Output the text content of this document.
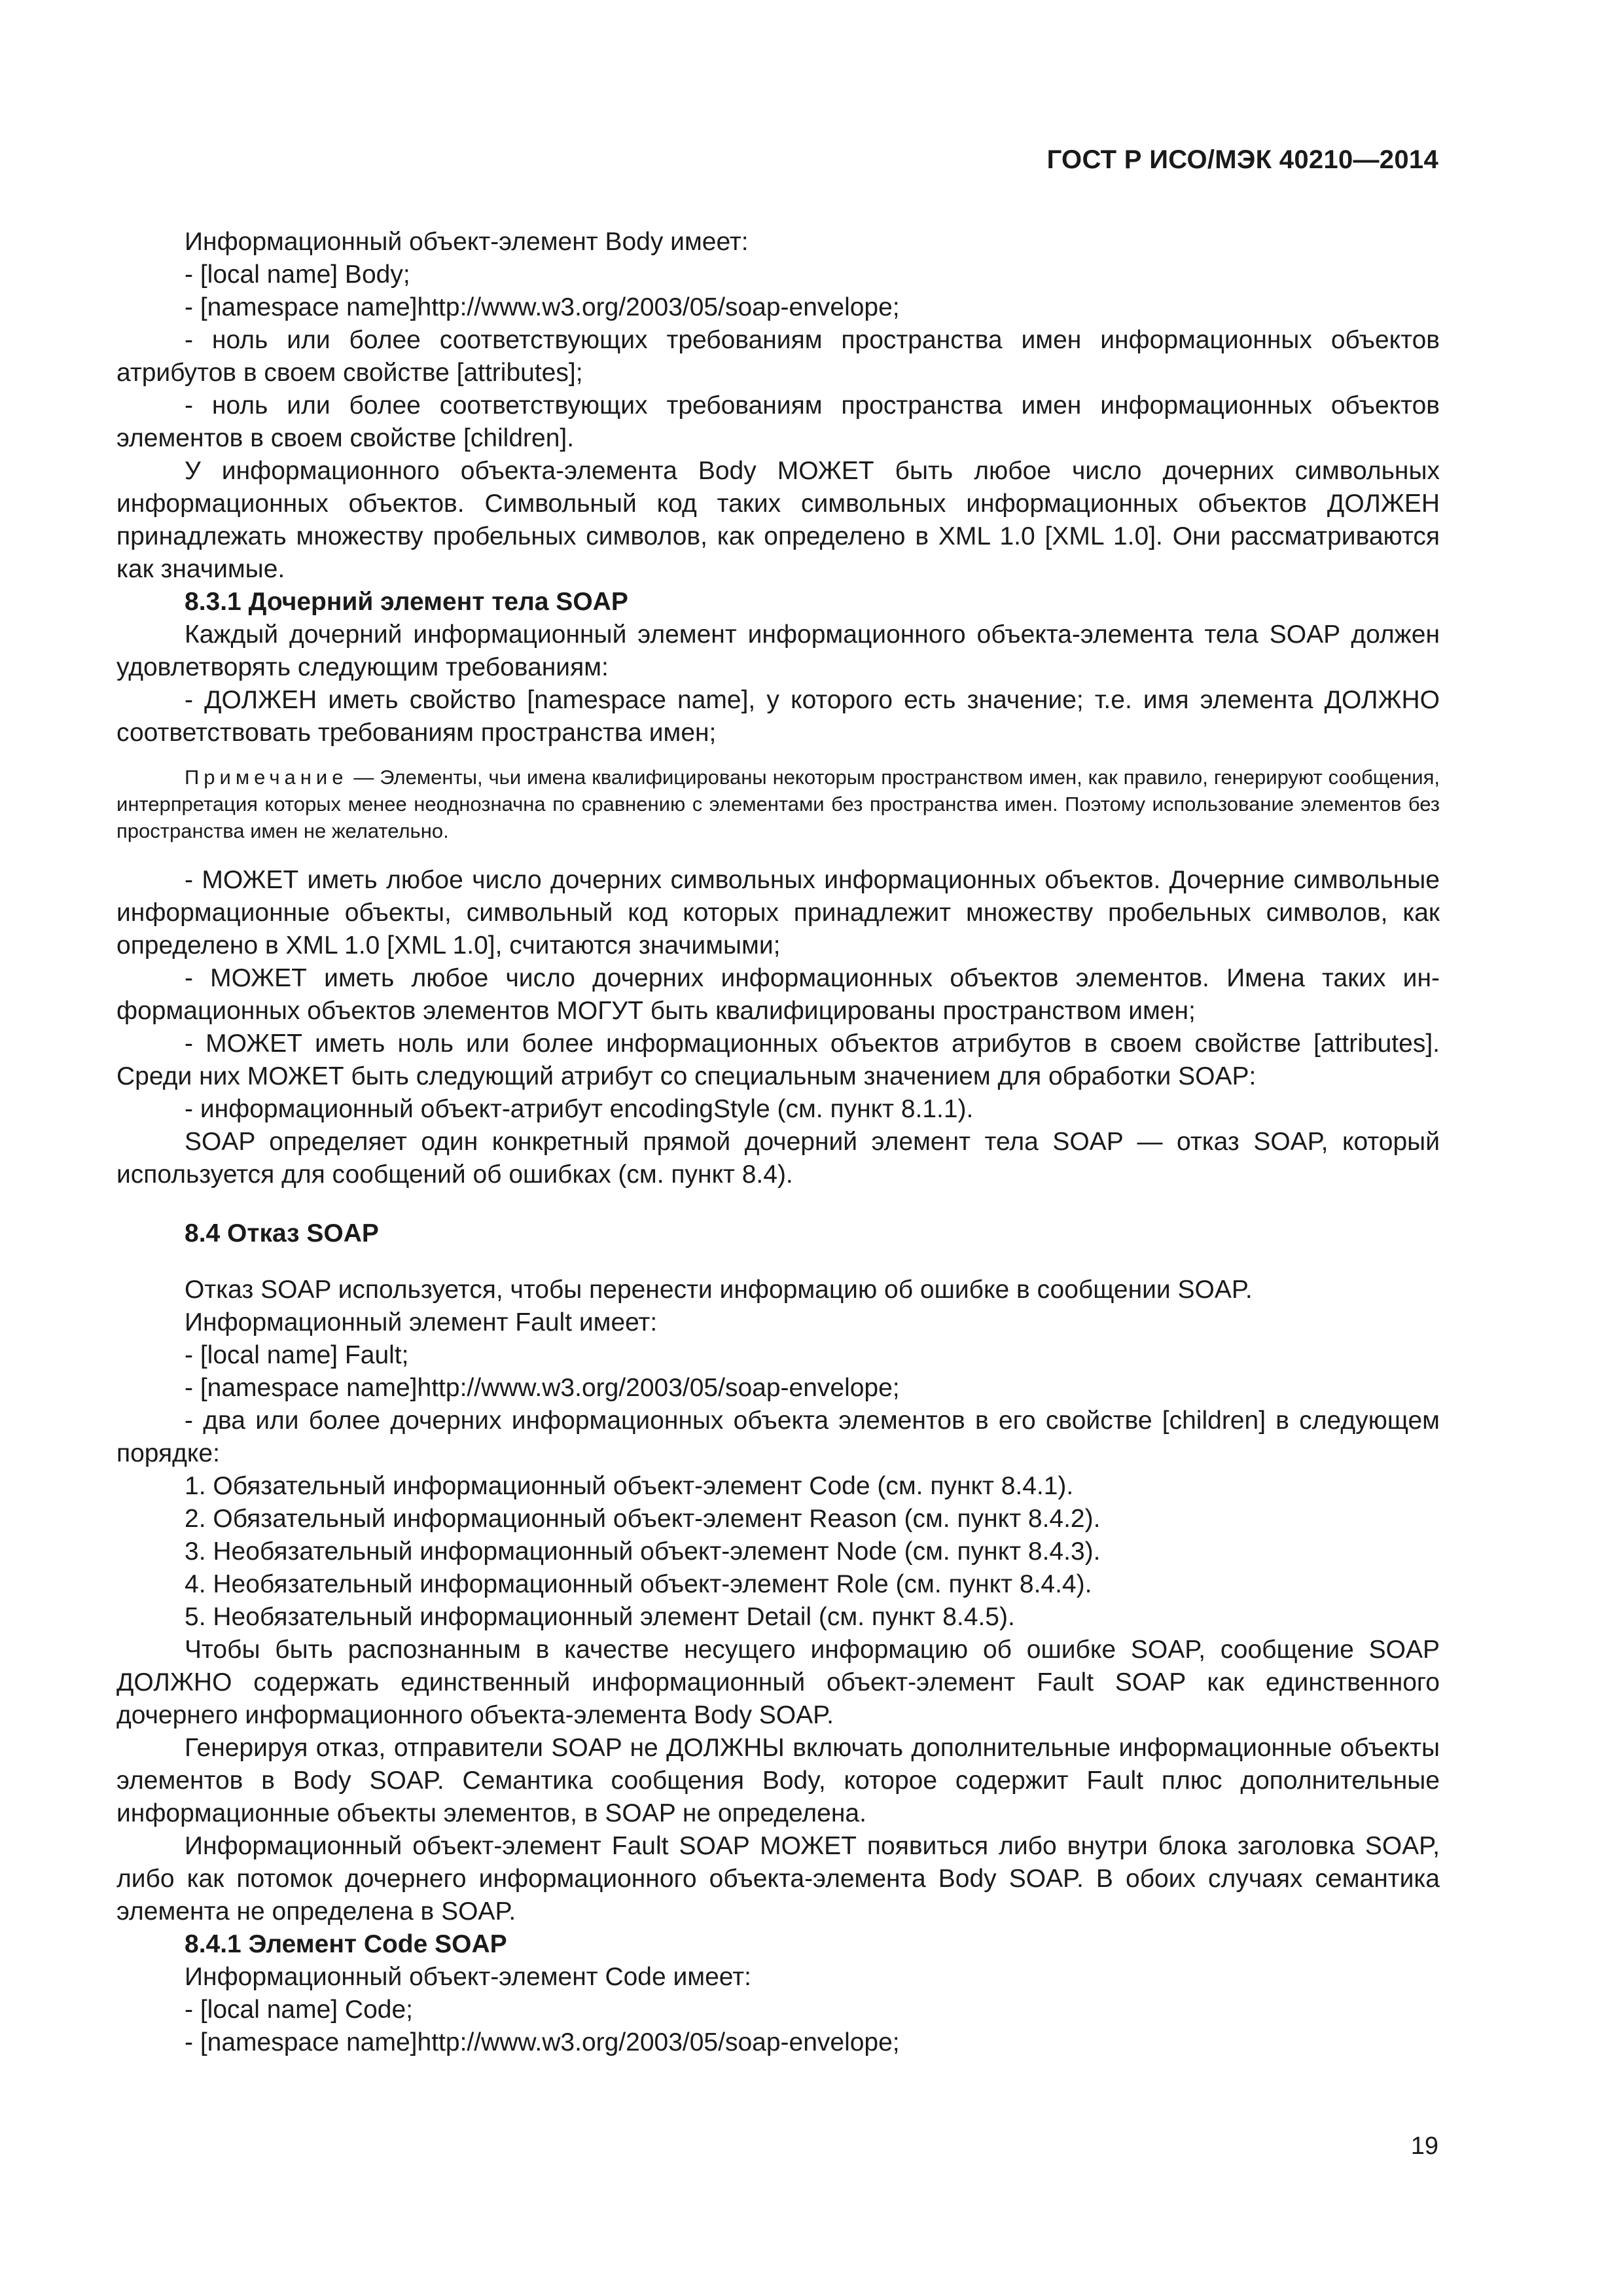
ГОСТ Р ИСО/МЭК 40210—2014

Информационный объект-элемент Body имеет:

- [local name] Body;

- [namespace name]http://www.w3.org/2003/05/soap-envelope;

- ноль или более соответствующих требованиям пространства имен информационных объектов атрибутов в своем свойстве [attributes];

- ноль или более соответствующих требованиям пространства имен информационных объектов элементов в своем свойстве [children].

У информационного объекта-элемента Body МОЖЕТ быть любое число дочерних символьных информационных объектов. Символьный код таких символьных информационных объектов ДОЛЖЕН принадлежать множеству пробельных символов, как определено в XML 1.0 [XML 1.0]. Они рассматриваются как значимые.

8.3.1 Дочерний элемент тела SOAP

Каждый дочерний информационный элемент информационного объекта-элемента тела SOAP должен удовлетворять следующим требованиям:

- ДОЛЖЕН иметь свойство [namespace name], у которого есть значение; т.е. имя элемента ДОЛЖНО соответствовать требованиям пространства имен;

Примечание — Элементы, чьи имена квалифицированы некоторым пространством имен, как правило, генерируют сообщения, интерпретация которых менее неоднозначна по сравнению с элементами без пространства имен. Поэтому использование элементов без пространства имен не желательно.

- МОЖЕТ иметь любое число дочерних символьных информационных объектов. Дочерние символьные информационные объекты, символьный код которых принадлежит множеству пробельных символов, как определено в XML 1.0 [XML 1.0], считаются значимыми;

- МОЖЕТ иметь любое число дочерних информационных объектов элементов. Имена таких информационных объектов элементов МОГУТ быть квалифицированы пространством имен;

- МОЖЕТ иметь ноль или более информационных объектов атрибутов в своем свойстве [attributes]. Среди них МОЖЕТ быть следующий атрибут со специальным значением для обработки SOAP:

- информационный объект-атрибут encodingStyle (см. пункт 8.1.1).

SOAP определяет один конкретный прямой дочерний элемент тела SOAP — отказ SOAP, который используется для сообщений об ошибках (см. пункт 8.4).

8.4 Отказ SOAP

Отказ SOAP используется, чтобы перенести информацию об ошибке в сообщении SOAP.

Информационный элемент Fault имеет:

- [local name] Fault;

- [namespace name]http://www.w3.org/2003/05/soap-envelope;

- два или более дочерних информационных объекта элементов в его свойстве [children] в следующем порядке:

1. Обязательный информационный объект-элемент Code (см. пункт 8.4.1).

2. Обязательный информационный объект-элемент Reason (см. пункт 8.4.2).

3. Необязательный информационный объект-элемент Node (см. пункт 8.4.3).

4. Необязательный информационный объект-элемент Role (см. пункт 8.4.4).

5. Необязательный информационный элемент Detail (см. пункт 8.4.5).

Чтобы быть распознанным в качестве несущего информацию об ошибке SOAP, сообщение SOAP ДОЛЖНО содержать единственный информационный объект-элемент Fault SOAP как единственного дочернего информационного объекта-элемента Body SOAP.

Генерируя отказ, отправители SOAP не ДОЛЖНЫ включать дополнительные информационные объекты элементов в Body SOAP. Семантика сообщения Body, которое содержит Fault плюс дополнительные информационные объекты элементов, в SOAP не определена.

Информационный объект-элемент Fault SOAP МОЖЕТ появиться либо внутри блока заголовка SOAP, либо как потомок дочернего информационного объекта-элемента Body SOAP. В обоих случаях семантика элемента не определена в SOAP.

8.4.1 Элемент Code SOAP

Информационный объект-элемент Code имеет:

- [local name] Code;

- [namespace name]http://www.w3.org/2003/05/soap-envelope;

19
